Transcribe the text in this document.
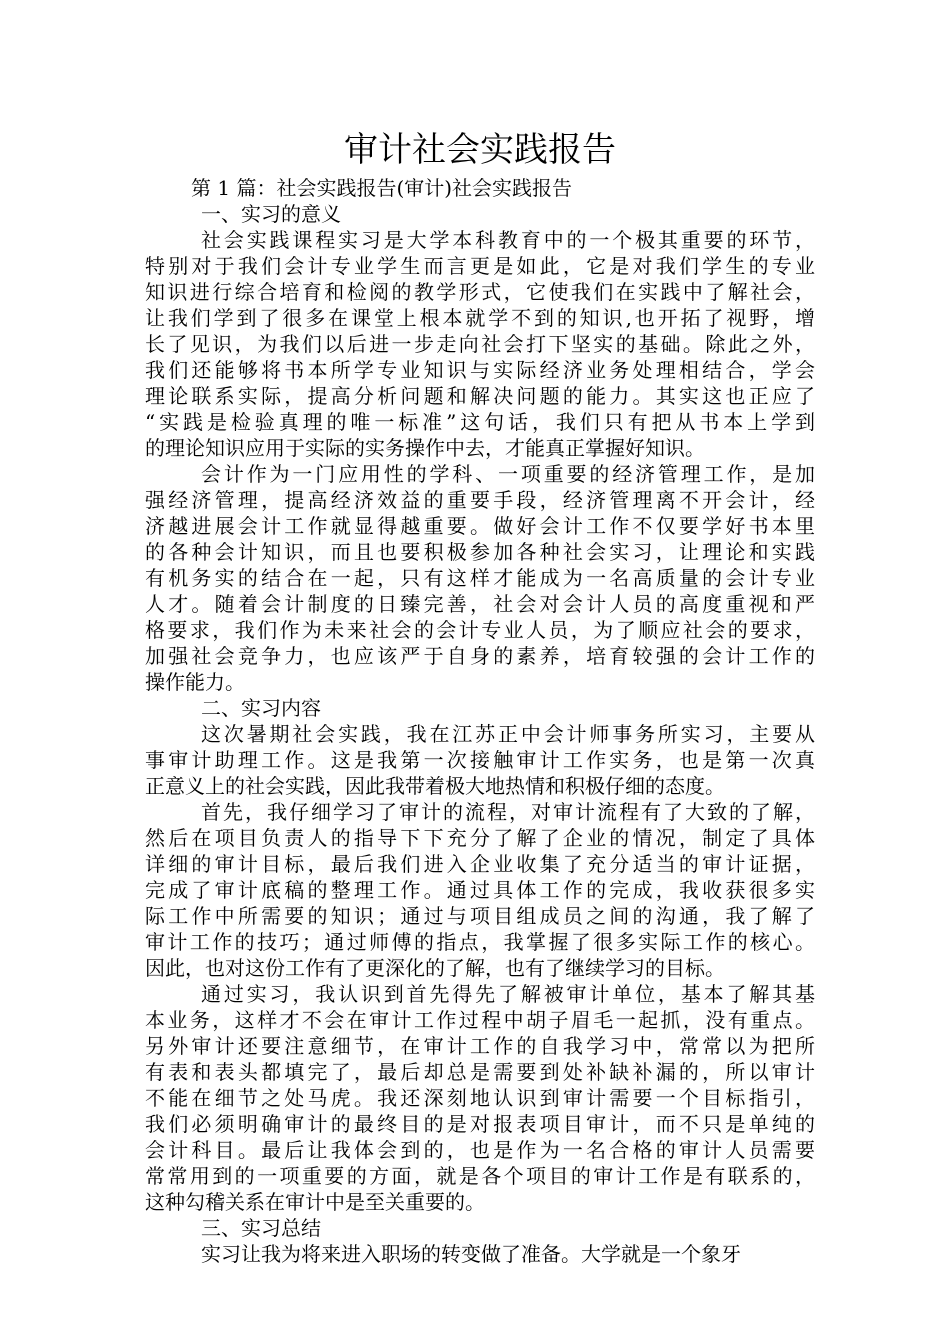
审计社会实践报告

第 1 篇：社会实践报告(审计)社会实践报告

一、实习的意义

社会实践课程实习是大学本科教育中的一个极其重要的环节，
特别对于我们会计专业学生而言更是如此，它是对我们学生的专业
知识进行综合培育和检阅的教学形式，它使我们在实践中了解社会，
让我们学到了很多在课堂上根本就学不到的知识,也开拓了视野，增
长了见识，为我们以后进一步走向社会打下坚实的基础。除此之外，
我们还能够将书本所学专业知识与实际经济业务处理相结合，学会
理论联系实际，提高分析问题和解决问题的能力。其实这也正应了
“实践是检验真理的唯一标准”这句话，我们只有把从书本上学到
的理论知识应用于实际的实务操作中去，才能真正掌握好知识。
会计作为一门应用性的学科、一项重要的经济管理工作，是加
强经济管理，提高经济效益的重要手段，经济管理离不开会计，经
济越进展会计工作就显得越重要。做好会计工作不仅要学好书本里
的各种会计知识，而且也要积极参加各种社会实习，让理论和实践
有机务实的结合在一起，只有这样才能成为一名高质量的会计专业
人才。随着会计制度的日臻完善，社会对会计人员的高度重视和严
格要求，我们作为未来社会的会计专业人员，为了顺应社会的要求，
加强社会竞争力，也应该严于自身的素养，培育较强的会计工作的
操作能力。

二、实习内容

这次暑期社会实践，我在江苏正中会计师事务所实习，主要从
事审计助理工作。这是我第一次接触审计工作实务，也是第一次真
正意义上的社会实践，因此我带着极大地热情和积极仔细的态度。
首先，我仔细学习了审计的流程，对审计流程有了大致的了解，
然后在项目负责人的指导下下充分了解了企业的情况，制定了具体
详细的审计目标，最后我们进入企业收集了充分适当的审计证据，
完成了审计底稿的整理工作。通过具体工作的完成，我收获很多实
际工作中所需要的知识；通过与项目组成员之间的沟通，我了解了
审计工作的技巧；通过师傅的指点，我掌握了很多实际工作的核心。
因此，也对这份工作有了更深化的了解，也有了继续学习的目标。
通过实习，我认识到首先得先了解被审计单位，基本了解其基
本业务，这样才不会在审计工作过程中胡子眉毛一起抓，没有重点。
另外审计还要注意细节，在审计工作的自我学习中，常常以为把所
有表和表头都填完了，最后却总是需要到处补缺补漏的，所以审计
不能在细节之处马虎。我还深刻地认识到审计需要一个目标指引，
我们必须明确审计的最终目的是对报表项目审计，而不只是单纯的
会计科目。最后让我体会到的，也是作为一名合格的审计人员需要
常常用到的一项重要的方面，就是各个项目的审计工作是有联系的，
这种勾稽关系在审计中是至关重要的。

三、实习总结

实习让我为将来进入职场的转变做了准备。大学就是一个象牙
